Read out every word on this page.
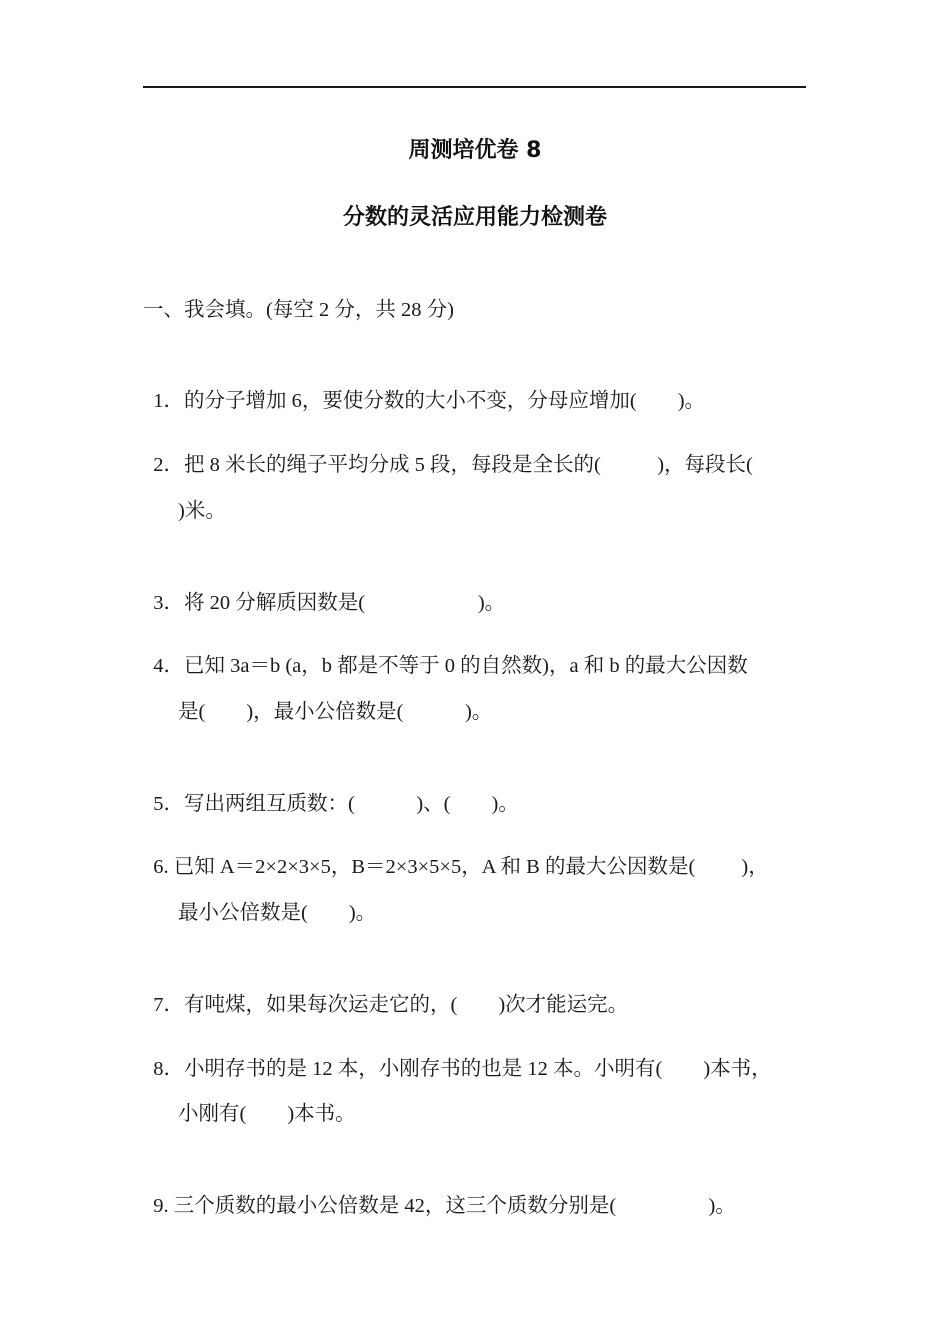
周测培优卷 8
分数的灵活应用能力检测卷
一、我会填。(每空 2 分，共 28 分)

1．的分子增加 6，要使分数的大小不变，分母应增加(        )。

2．把 8 米长的绳子平均分成 5 段，每段是全长的(           )，每段长(

)米。

3．将 20 分解质因数是(                      )。

4．已知 3a＝b (a，b 都是不等于 0 的自然数)，a 和 b 的最大公因数

是(        )，最小公倍数是(            )。

5．写出两组互质数：(            )、(        )。

6. 已知 A＝2×2×3×5，B＝2×3×5×5，A 和 B 的最大公因数是(         )，

最小公倍数是(        )。

7．有吨煤，如果每次运走它的，(        )次才能运完。

8．小明存书的是 12 本，小刚存书的也是 12 本。小明有(        )本书，

小刚有(        )本书。

9. 三个质数的最小公倍数是 42，这三个质数分别是(                  )。
